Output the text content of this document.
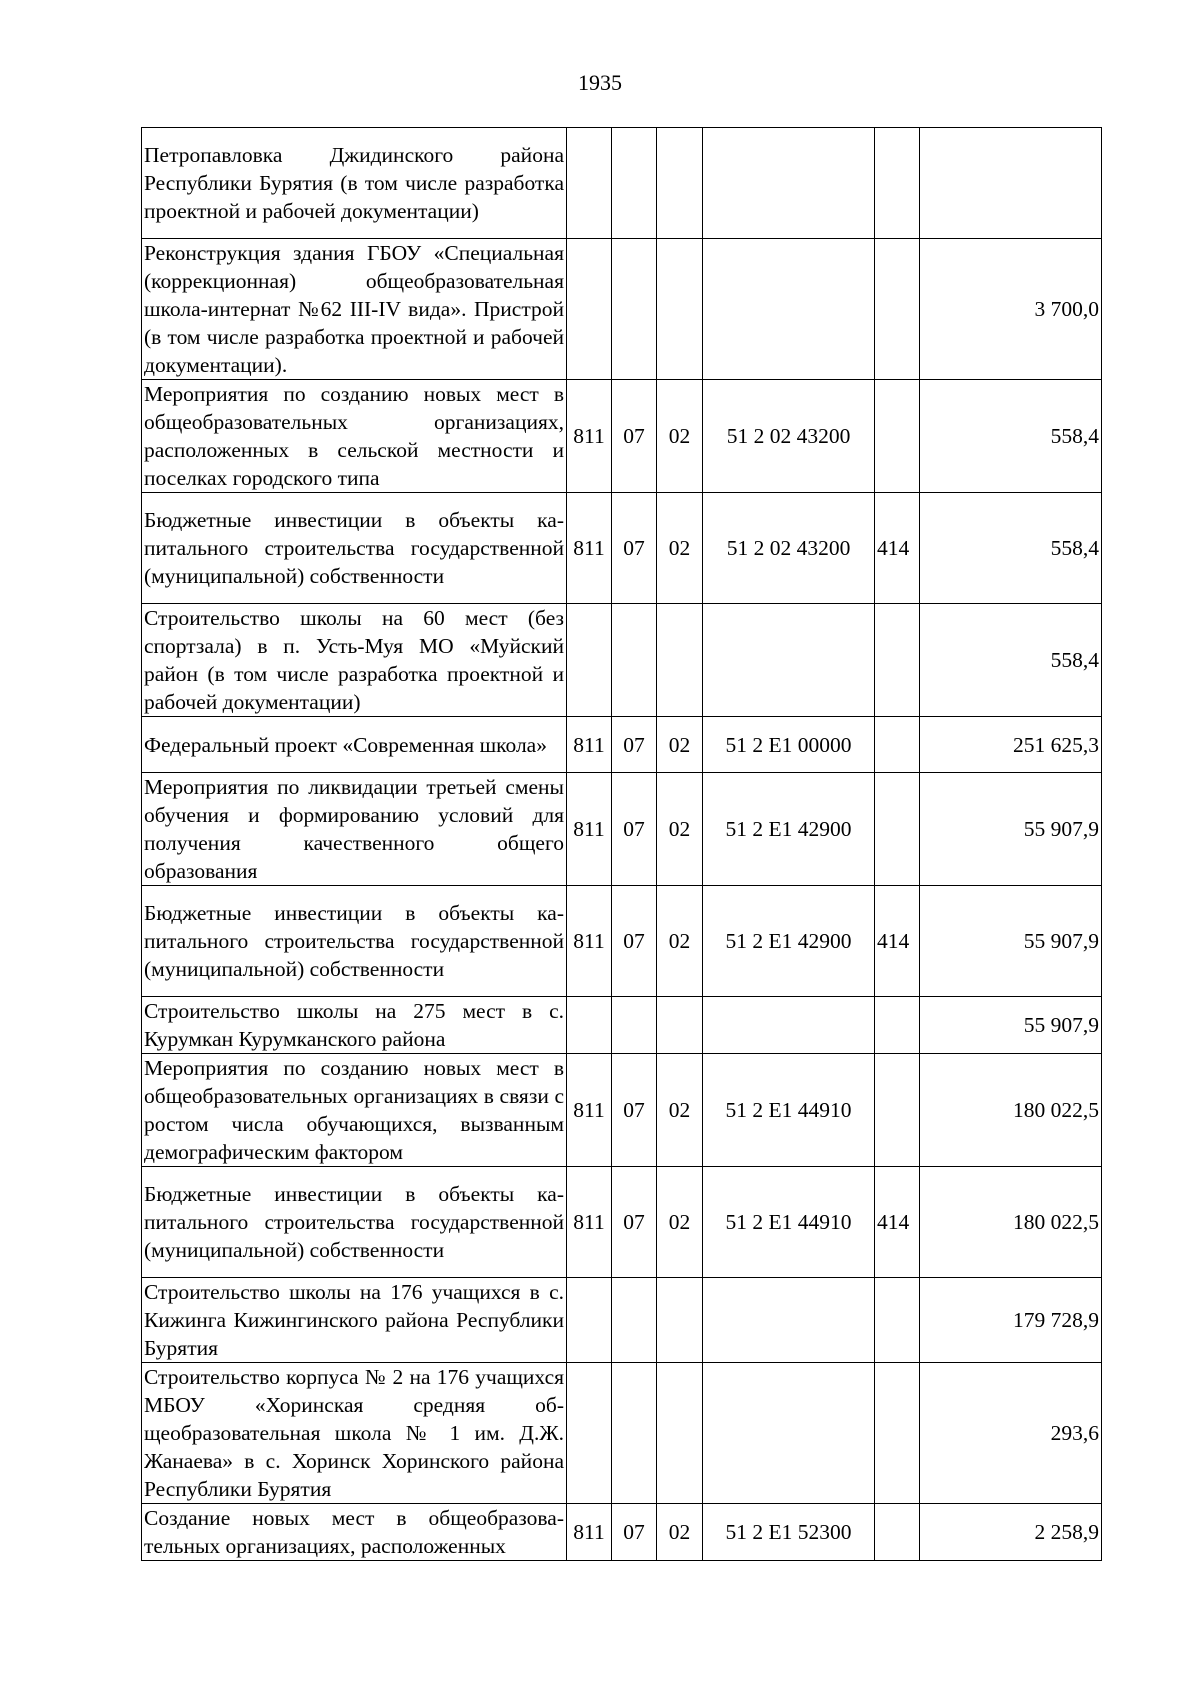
1935
Петропавловка Джидинского района Республики Бурятия (в том числе разработка проектной и рабочей документации)						
Реконструкция здания ГБОУ «Специальная (коррекционная) общеобразовательная школа-интернат №62 III-IV вида». Пристрой (в том числе разработка проектной и рабочей документации).						3 700,0
Мероприятия по созданию новых мест в общеобразовательных организациях, расположенных в сельской местности и поселках городского типа	811	07	02	51 2 02 43200		558,4
Бюджетные инвестиции в объекты капитального строительства государственной (муниципальной) собственности	811	07	02	51 2 02 43200	414	558,4
Строительство школы на 60 мест (без спортзала) в п. Усть-Муя МО «Муйский район (в том числе разработка проектной и рабочей документации)						558,4
Федеральный проект «Современная школа»	811	07	02	51 2 E1 00000		251 625,3
Мероприятия по ликвидации третьей смены обучения и формированию условий для получения качественного общего образования	811	07	02	51 2 E1 42900		55 907,9
Бюджетные инвестиции в объекты капитального строительства государственной (муниципальной) собственности	811	07	02	51 2 E1 42900	414	55 907,9
Строительство школы на 275 мест в с. Курумкан Курумканского района						55 907,9
Мероприятия по созданию новых мест в общеобразовательных организациях в связи с ростом числа обучающихся, вызванным демографическим фактором	811	07	02	51 2 E1 44910		180 022,5
Бюджетные инвестиции в объекты капитального строительства государственной (муниципальной) собственности	811	07	02	51 2 E1 44910	414	180 022,5
Строительство школы на 176 учащихся в с. Кижинга Кижингинского района Республики Бурятия						179 728,9
Строительство корпуса № 2 на 176 учащихся МБОУ «Хоринская средняя общеобразовательная школа № 1 им. Д.Ж. Жанаева» в с. Хоринск Хоринского района Республики Бурятия						293,6
Создание новых мест в общеобразовательных организациях, расположенных	811	07	02	51 2 E1 52300		2 258,9
